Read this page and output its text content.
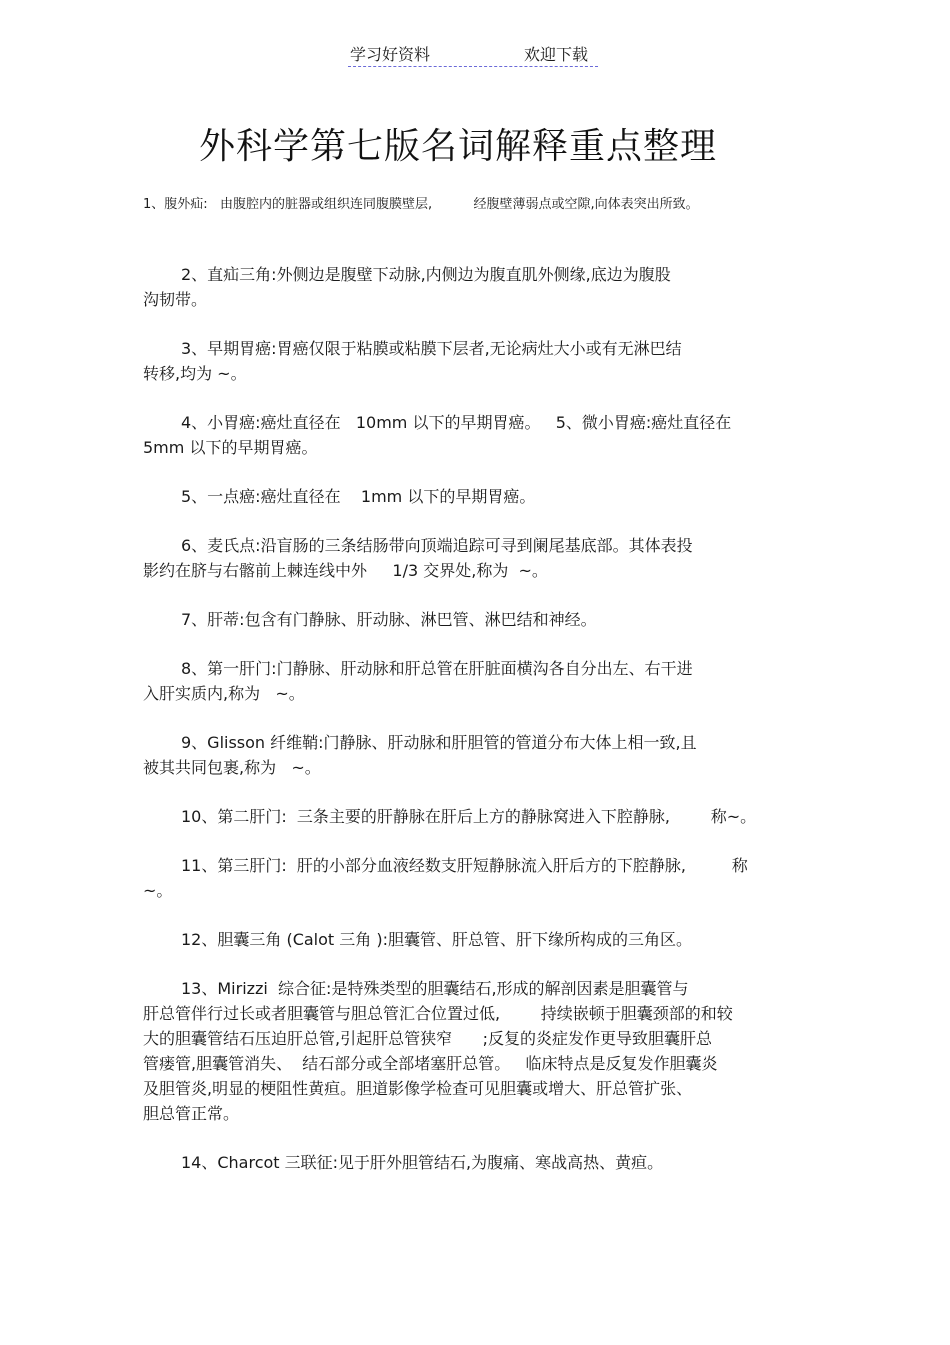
学习好资料	欢迎下载
外科学第七版名词解释重点整理
1、腹外疝:   由腹腔内的脏器或组织连同腹膜壁层,          经腹壁薄弱点或空隙,向体表突出所致。

2、直疝三角:外侧边是腹壁下动脉,内侧边为腹直肌外侧缘,底边为腹股
沟韧带。

3、早期胃癌:胃癌仅限于粘膜或粘膜下层者,无论病灶大小或有无淋巴结
转移,均为 ~。

4、小胃癌:癌灶直径在   10mm 以下的早期胃癌。   5、微小胃癌:癌灶直径在
5mm 以下的早期胃癌。

5、一点癌:癌灶直径在    1mm 以下的早期胃癌。

6、麦氏点:沿盲肠的三条结肠带向顶端追踪可寻到阑尾基底部。其体表投
影约在脐与右髂前上棘连线中外     1/3 交界处,称为  ~。

7、肝蒂:包含有门静脉、肝动脉、淋巴管、淋巴结和神经。

8、第一肝门:门静脉、肝动脉和肝总管在肝脏面横沟各自分出左、右干进
入肝实质内,称为   ~。

9、Glisson 纤维鞘:门静脉、肝动脉和肝胆管的管道分布大体上相一致,且
被其共同包裹,称为   ~。

10、第二肝门:  三条主要的肝静脉在肝后上方的静脉窝进入下腔静脉,        称~。

11、第三肝门:  肝的小部分血液经数支肝短静脉流入肝后方的下腔静脉,         称
~。

12、胆囊三角 (Calot 三角 ):胆囊管、肝总管、肝下缘所构成的三角区。

13、Mirizzi  综合征:是特殊类型的胆囊结石,形成的解剖因素是胆囊管与
肝总管伴行过长或者胆囊管与胆总管汇合位置过低,        持续嵌顿于胆囊颈部的和较
大的胆囊管结石压迫肝总管,引起肝总管狭窄      ;反复的炎症发作更导致胆囊肝总
管瘘管,胆囊管消失、  结石部分或全部堵塞肝总管。   临床特点是反复发作胆囊炎
及胆管炎,明显的梗阻性黄疸。胆道影像学检查可见胆囊或增大、肝总管扩张、
胆总管正常。

14、Charcot 三联征:见于肝外胆管结石,为腹痛、寒战高热、黄疸。
